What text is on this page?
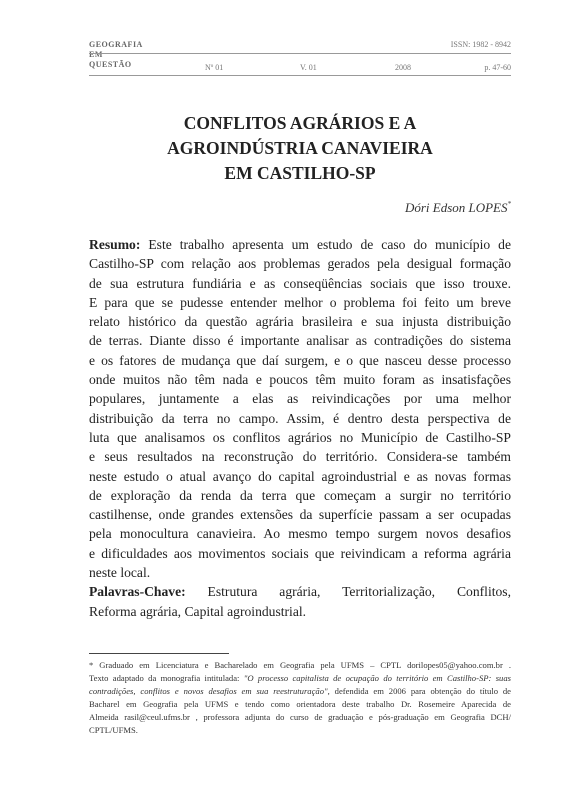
GEOGRAFIA
EM
QUESTÃO
ISSN: 1982 - 8942
Nº 01	V. 01	2008	p. 47-60
CONFLITOS AGRÁRIOS E A
AGROINDÚSTRIA CANAVIEIRA
EM CASTILHO-SP
Dóri Edson LOPES*
Resumo: Este trabalho apresenta um estudo de caso do município de
Castilho-SP com relação aos problemas gerados pela desigual formação
de sua estrutura fundiária e as conseqüências sociais que isso trouxe.
E para que se pudesse entender melhor o problema foi feito um breve
relato histórico da questão agrária brasileira e sua injusta distribuição
de terras. Diante disso é importante analisar as contradições do sistema
e os fatores de mudança que daí surgem, e o que nasceu desse processo
onde muitos não têm nada e poucos têm muito foram as insatisfações
populares, juntamente a elas as reivindicações por uma melhor
distribuição da terra no campo. Assim, é dentro desta perspectiva de
luta que analisamos os conflitos agrários no Município de Castilho-SP
e seus resultados na reconstrução do território. Considera-se também
neste estudo o atual avanço do capital agroindustrial e as novas formas
de exploração da renda da terra que começam a surgir no território
castilhense, onde grandes extensões da superfície passam a ser ocupadas
pela monocultura canavieira. Ao mesmo tempo surgem novos desafios
e dificuldades aos movimentos sociais que reivindicam a reforma agrária
neste local.
Palavras-Chave: Estrutura agrária, Territorialização, Conflitos,
Reforma agrária, Capital agroindustrial.
* Graduado em Licenciatura e Bacharelado em Geografia pela UFMS – CPTL dorilopes05@yahoo.com.br .
Texto adaptado da monografia intitulada: "O processo capitalista de ocupação do território em Castilho-SP: suas
contradições, conflitos e novos desafios em sua reestruturação", defendida em 2006 para obtenção do título de
Bacharel em Geografia pela UFMS e tendo como orientadora deste trabalho Dr. Rosemeire Aparecida de
Almeida rasil@ceul.ufms.br , professora adjunta do curso de graduação e pós-graduação em Geografia DCH/
CPTL/UFMS.
